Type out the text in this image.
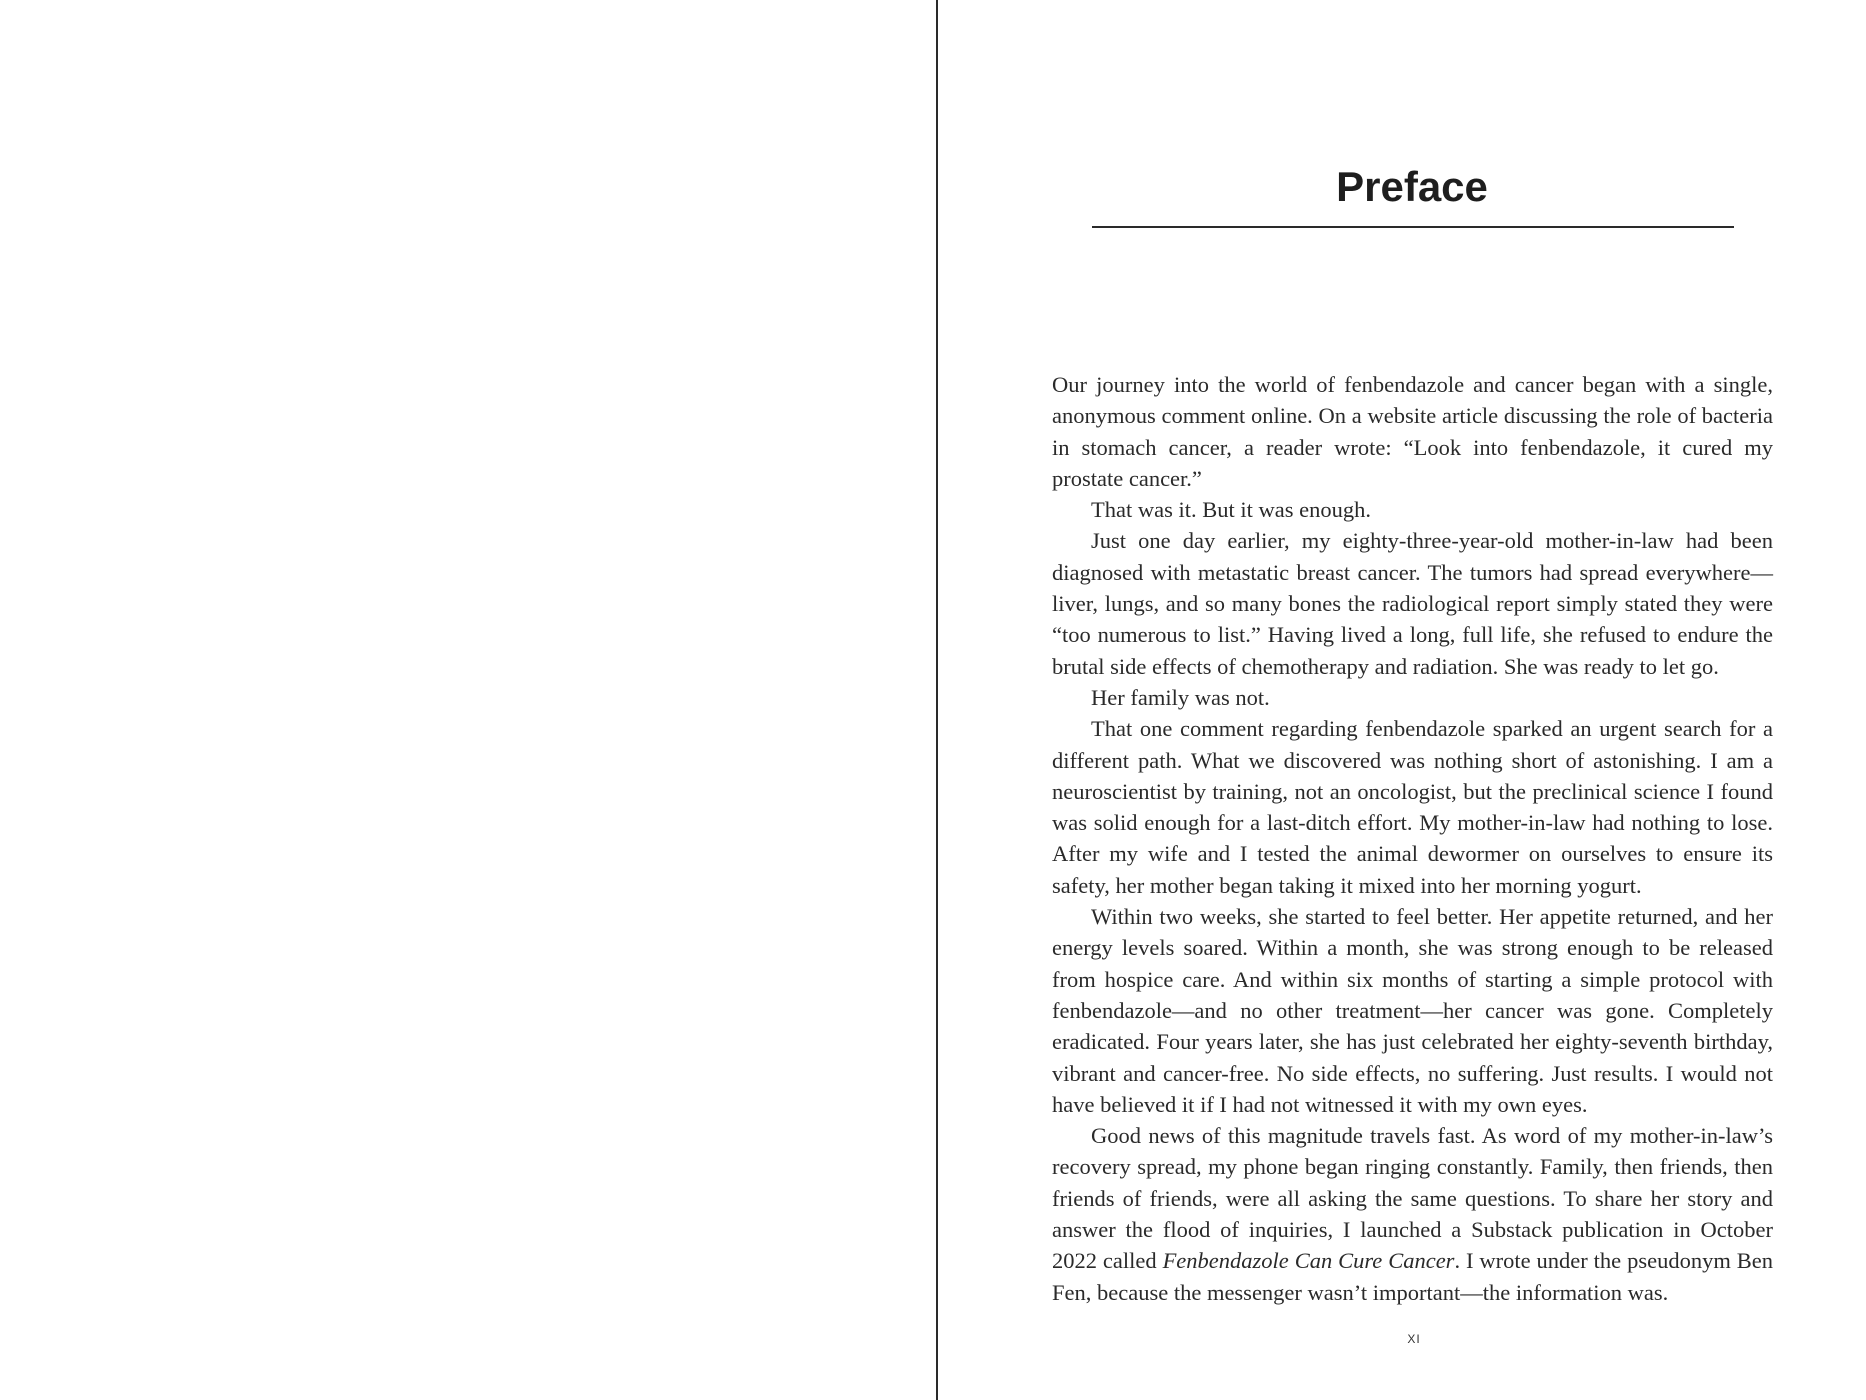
Preface

Our journey into the world of fenbendazole and cancer began with a single, anonymous comment online. On a website article discussing the role of bacteria in stomach cancer, a reader wrote: “Look into fenbendazole, it cured my prostate cancer.”

That was it. But it was enough.

Just one day earlier, my eighty-three-year-old mother-in-law had been diagnosed with metastatic breast cancer. The tumors had spread everywhere—liver, lungs, and so many bones the radiological report simply stated they were “too numerous to list.” Having lived a long, full life, she refused to endure the brutal side effects of chemotherapy and radiation. She was ready to let go.

Her family was not.

That one comment regarding fenbendazole sparked an urgent search for a different path. What we discovered was nothing short of astonishing. I am a neuroscientist by training, not an oncologist, but the preclinical science I found was solid enough for a last-ditch effort. My mother-in-law had nothing to lose. After my wife and I tested the animal dewormer on ourselves to ensure its safety, her mother began taking it mixed into her morning yogurt.

Within two weeks, she started to feel better. Her appetite returned, and her energy levels soared. Within a month, she was strong enough to be released from hospice care. And within six months of starting a simple protocol with fenbendazole—and no other treatment—her cancer was gone. Completely eradicated. Four years later, she has just celebrated her eighty-seventh birthday, vibrant and cancer-free. No side effects, no suffering. Just results. I would not have believed it if I had not witnessed it with my own eyes.

Good news of this magnitude travels fast. As word of my mother-in-law’s recovery spread, my phone began ringing constantly. Family, then friends, then friends of friends, were all asking the same questions. To share her story and answer the flood of inquiries, I launched a Substack publication in October 2022 called Fenbendazole Can Cure Cancer. I wrote under the pseudonym Ben Fen, because the messenger wasn’t important—the information was.

XI
